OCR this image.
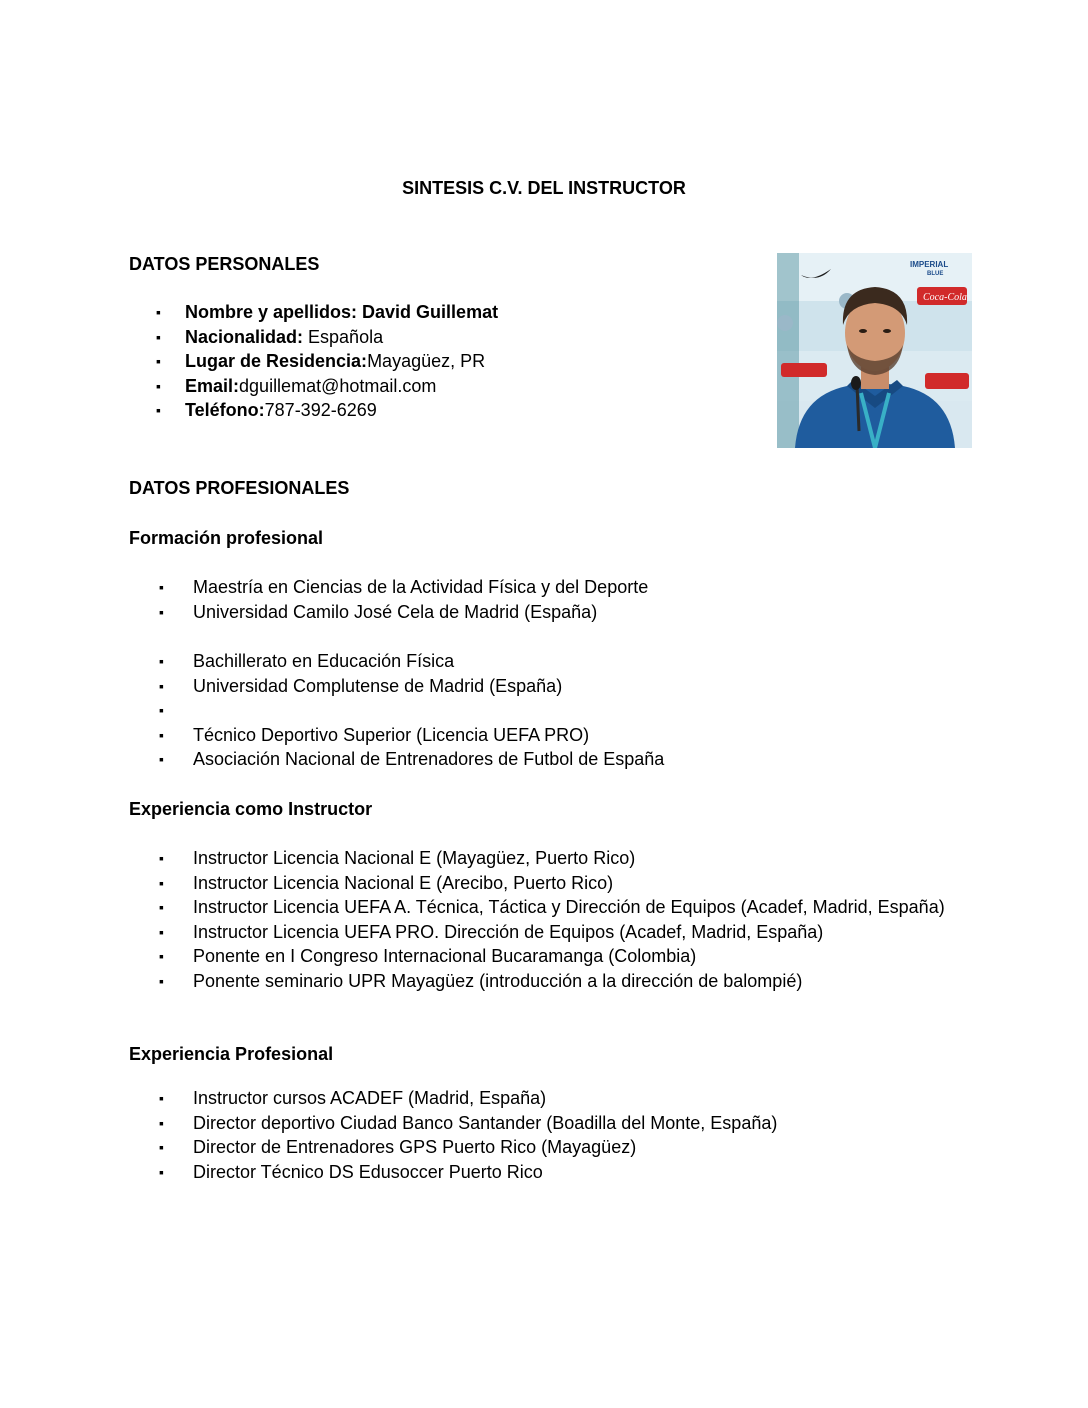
SINTESIS C.V. DEL INSTRUCTOR
DATOS PERSONALES
▪ Nombre y apellidos: David Guillemat
▪ Nacionalidad: Española
▪ Lugar de Residencia:Mayagüez, PR
▪ Email:dguillemat@hotmail.com
▪ Teléfono:787-392-6269
IMPERIAL
BLUE
Coca-Cola
DATOS PROFESIONALES
Formación profesional
▪ Maestría en Ciencias de la Actividad Física y del Deporte
▪ Universidad Camilo José Cela de Madrid (España)
▪ Bachillerato en Educación Física
▪ Universidad Complutense de Madrid (España)
▪

▪ Técnico Deportivo Superior (Licencia UEFA PRO)
▪ Asociación Nacional de Entrenadores de Futbol de España
Experiencia como Instructor
▪ Instructor Licencia Nacional E (Mayagüez, Puerto Rico)
▪ Instructor Licencia Nacional E (Arecibo, Puerto Rico)
▪ Instructor Licencia UEFA A. Técnica, Táctica y Dirección de Equipos (Acadef, Madrid, España)
▪ Instructor Licencia UEFA PRO. Dirección de Equipos (Acadef, Madrid, España)
▪ Ponente en I Congreso Internacional Bucaramanga (Colombia)
▪ Ponente seminario UPR Mayagüez (introducción a la dirección de balompié)
Experiencia Profesional
▪ Instructor cursos ACADEF (Madrid, España)
▪ Director deportivo Ciudad Banco Santander (Boadilla del Monte, España)
▪ Director de Entrenadores GPS Puerto Rico (Mayagüez)
▪ Director Técnico DS Edusoccer Puerto Rico
